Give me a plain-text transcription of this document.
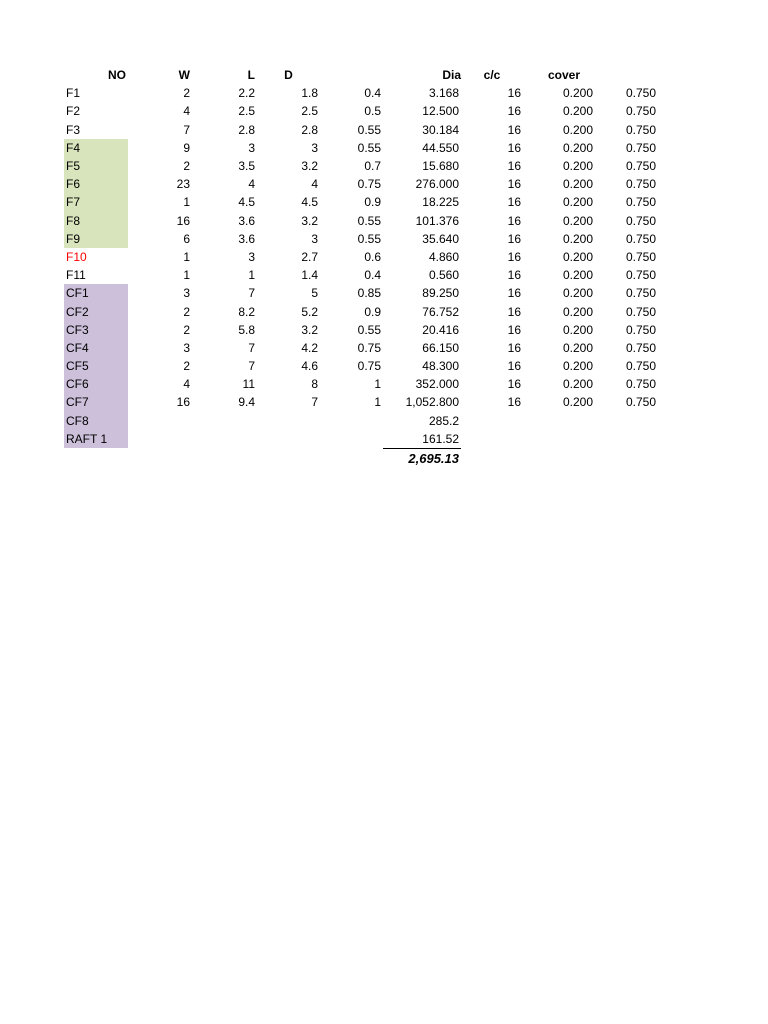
NO	W	L	D		Dia	c/c	cover		
F1	2	2.2	1.8	0.4	3.168	16	0.200	0.750	
F2	4	2.5	2.5	0.5	12.500	16	0.200	0.750	
F3	7	2.8	2.8	0.55	30.184	16	0.200	0.750	
F4	9	3	3	0.55	44.550	16	0.200	0.750	
F5	2	3.5	3.2	0.7	15.680	16	0.200	0.750	
F6	23	4	4	0.75	276.000	16	0.200	0.750	
F7	1	4.5	4.5	0.9	18.225	16	0.200	0.750	
F8	16	3.6	3.2	0.55	101.376	16	0.200	0.750	
F9	6	3.6	3	0.55	35.640	16	0.200	0.750	
F10	1	3	2.7	0.6	4.860	16	0.200	0.750	
F11	1	1	1.4	0.4	0.560	16	0.200	0.750	
CF1	3	7	5	0.85	89.250	16	0.200	0.750	
CF2	2	8.2	5.2	0.9	76.752	16	0.200	0.750	
CF3	2	5.8	3.2	0.55	20.416	16	0.200	0.750	
CF4	3	7	4.2	0.75	66.150	16	0.200	0.750	
CF5	2	7	4.6	0.75	48.300	16	0.200	0.750	
CF6	4	11	8	1	352.000	16	0.200	0.750	
CF7	16	9.4	7	1	1,052.800	16	0.200	0.750	
CF8					285.2				
RAFT 1					161.52				
					2,695.13				
